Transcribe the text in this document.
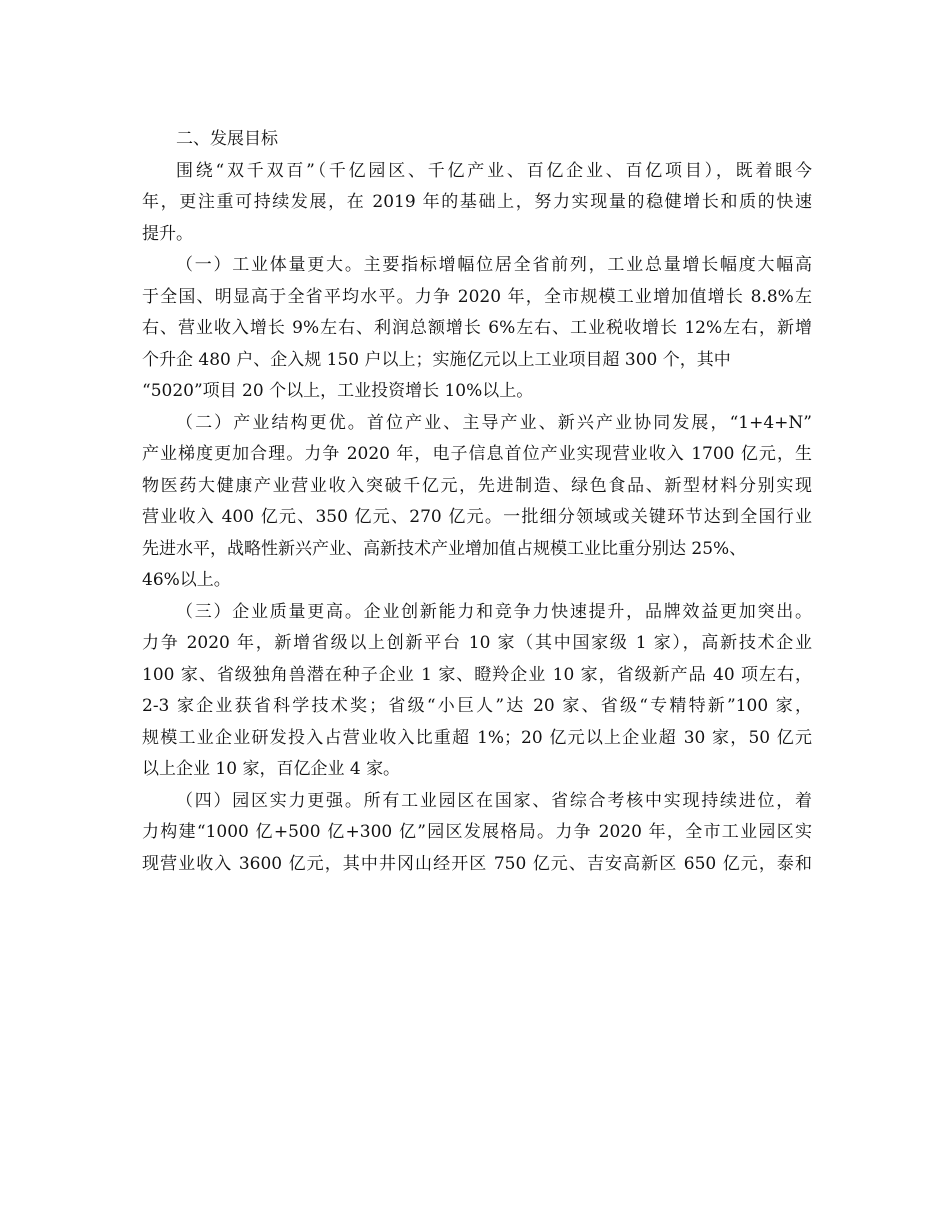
二、发展目标
围绕“双千双百”（千亿园区、千亿产业、百亿企业、百亿项目），既着眼今
年，更注重可持续发展，在 2019 年的基础上，努力实现量的稳健增长和质的快速
提升。
（一）工业体量更大。主要指标增幅位居全省前列，工业总量增长幅度大幅高
于全国、明显高于全省平均水平。力争 2020 年，全市规模工业增加值增长 8.8%左
右、营业收入增长 9%左右、利润总额增长 6%左右、工业税收增长 12%左右，新增
个升企 480 户、企入规 150 户以上；实施亿元以上工业项目超 300 个，其中
“5020”项目 20 个以上，工业投资增长 10%以上。
（二）产业结构更优。首位产业、主导产业、新兴产业协同发展，“1+4+N”
产业梯度更加合理。力争 2020 年，电子信息首位产业实现营业收入 1700 亿元，生
物医药大健康产业营业收入突破千亿元，先进制造、绿色食品、新型材料分别实现
营业收入 400 亿元、350 亿元、270 亿元。一批细分领域或关键环节达到全国行业
先进水平，战略性新兴产业、高新技术产业增加值占规模工业比重分别达 25%、
46%以上。
（三）企业质量更高。企业创新能力和竞争力快速提升，品牌效益更加突出。
力争 2020 年，新增省级以上创新平台 10 家（其中国家级 1 家），高新技术企业
100 家、省级独角兽潜在种子企业 1 家、瞪羚企业 10 家，省级新产品 40 项左右，
2-3 家企业获省科学技术奖；省级“小巨人”达 20 家、省级“专精特新”100 家，
规模工业企业研发投入占营业收入比重超 1%；20 亿元以上企业超 30 家，50 亿元
以上企业 10 家，百亿企业 4 家。
（四）园区实力更强。所有工业园区在国家、省综合考核中实现持续进位，着
力构建“1000 亿+500 亿+300 亿”园区发展格局。力争 2020 年，全市工业园区实
现营业收入 3600 亿元，其中井冈山经开区 750 亿元、吉安高新区 650 亿元，泰和
